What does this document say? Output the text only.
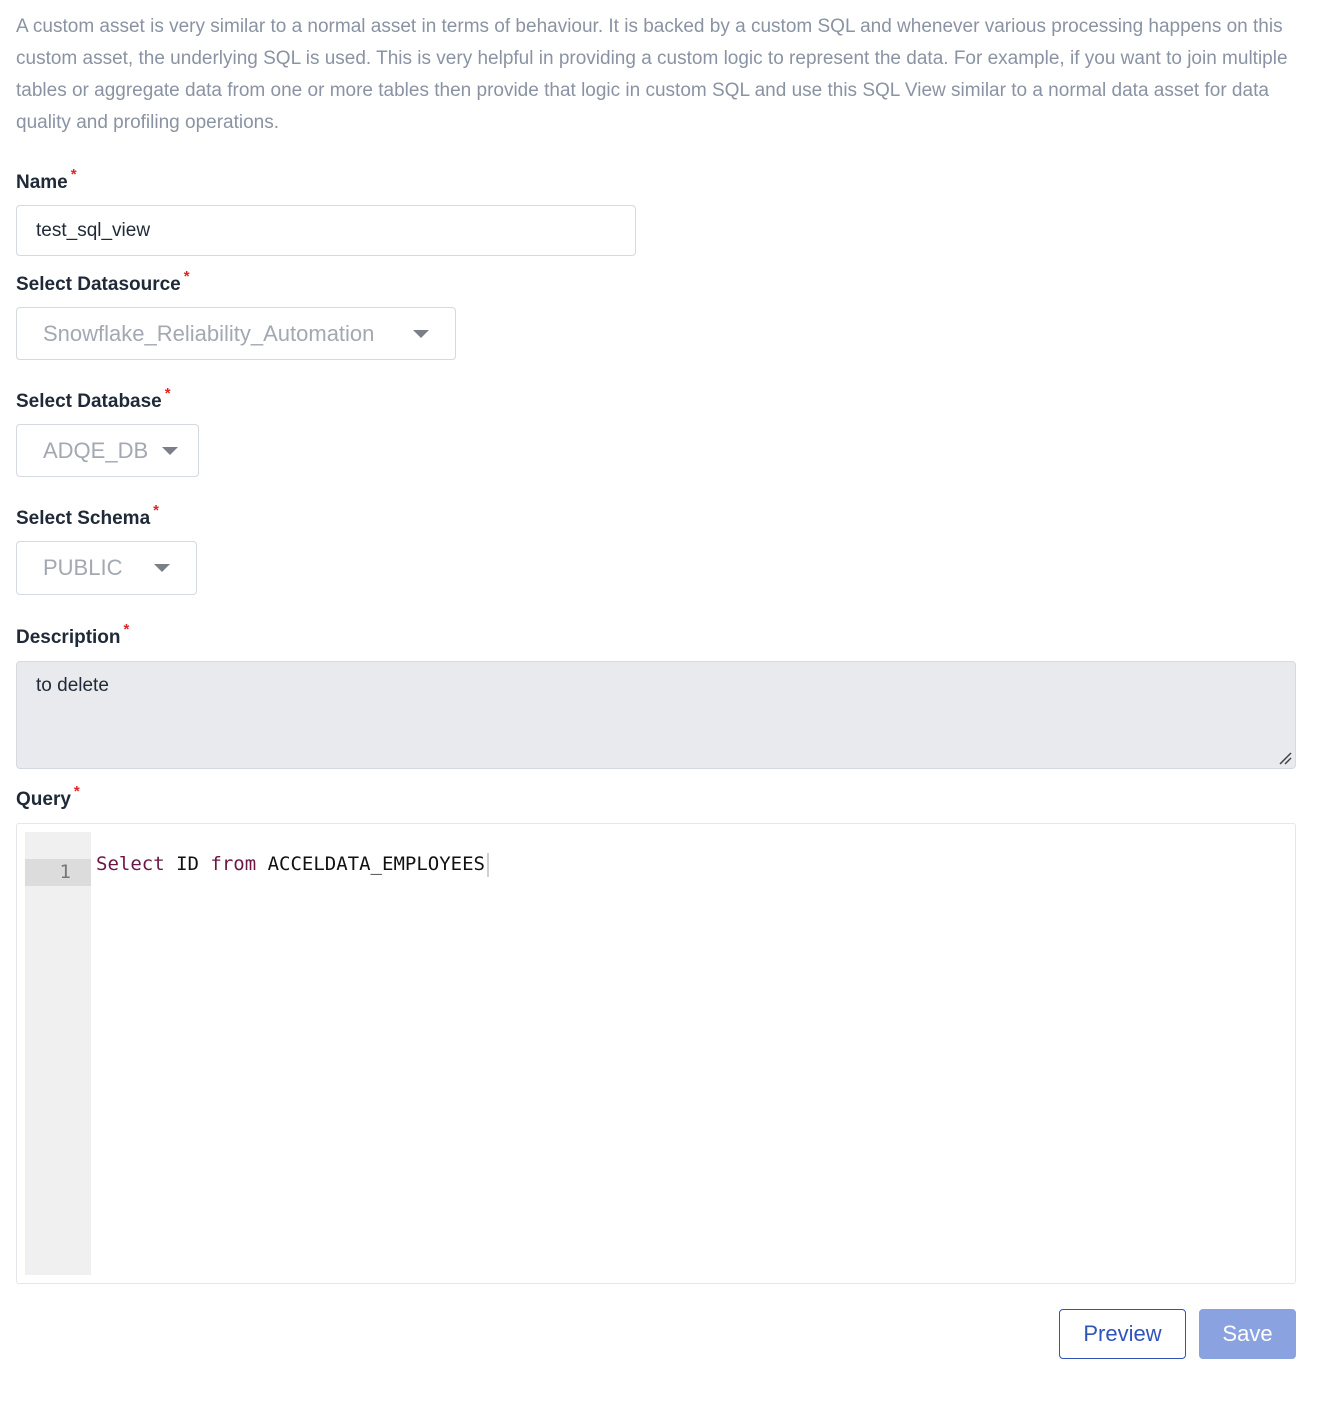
A custom asset is very similar to a normal asset in terms of behaviour. It is backed by a custom SQL and whenever various processing happens on this custom asset, the underlying SQL is used. This is very helpful in providing a custom logic to represent the data. For example, if you want to join multiple tables or aggregate data from one or more tables then provide that logic in custom SQL and use this SQL View similar to a normal data asset for data quality and profiling operations.

Name *
test_sql_view
Select Datasource *
Snowflake_Reliability_Automation
Select Database *
ADQE_DB
Select Schema *
PUBLIC
Description *
to delete
Query *
1	Select ID from ACCELDATA_EMPLOYEES
Preview	Save
